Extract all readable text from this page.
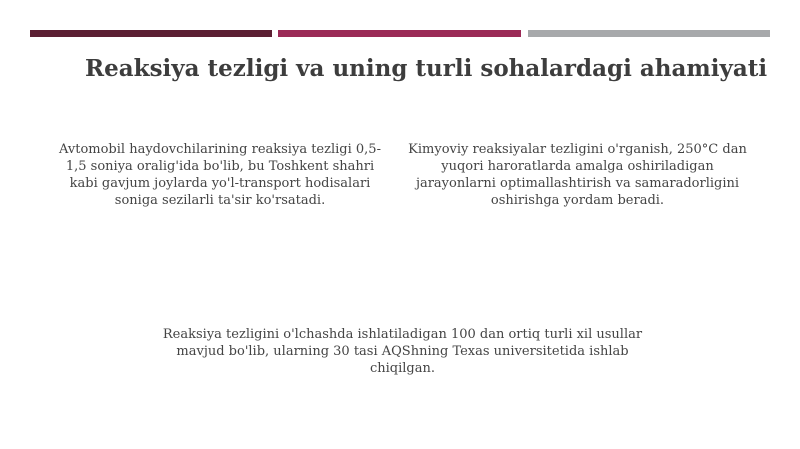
Reaksiya tezligi va uning turli sohalardagi ahamiyati

Avtomobil haydovchilarining reaksiya tezligi 0,5-1,5 soniya oralig'ida bo'lib, bu Toshkent shahri kabi gavjum joylarda yo'l-transport hodisalari soniga sezilarli ta'sir ko'rsatadi.

Kimyoviy reaksiyalar tezligini o'rganish, 250°C dan yuqori haroratlarda amalga oshiriladigan jarayonlarni optimallashtirish va samaradorligini oshirishga yordam beradi.

Reaksiya tezligini o'lchashda ishlatiladigan 100 dan ortiq turli xil usullar mavjud bo'lib, ularning 30 tasi AQShning Texas universitetida ishlab chiqilgan.
